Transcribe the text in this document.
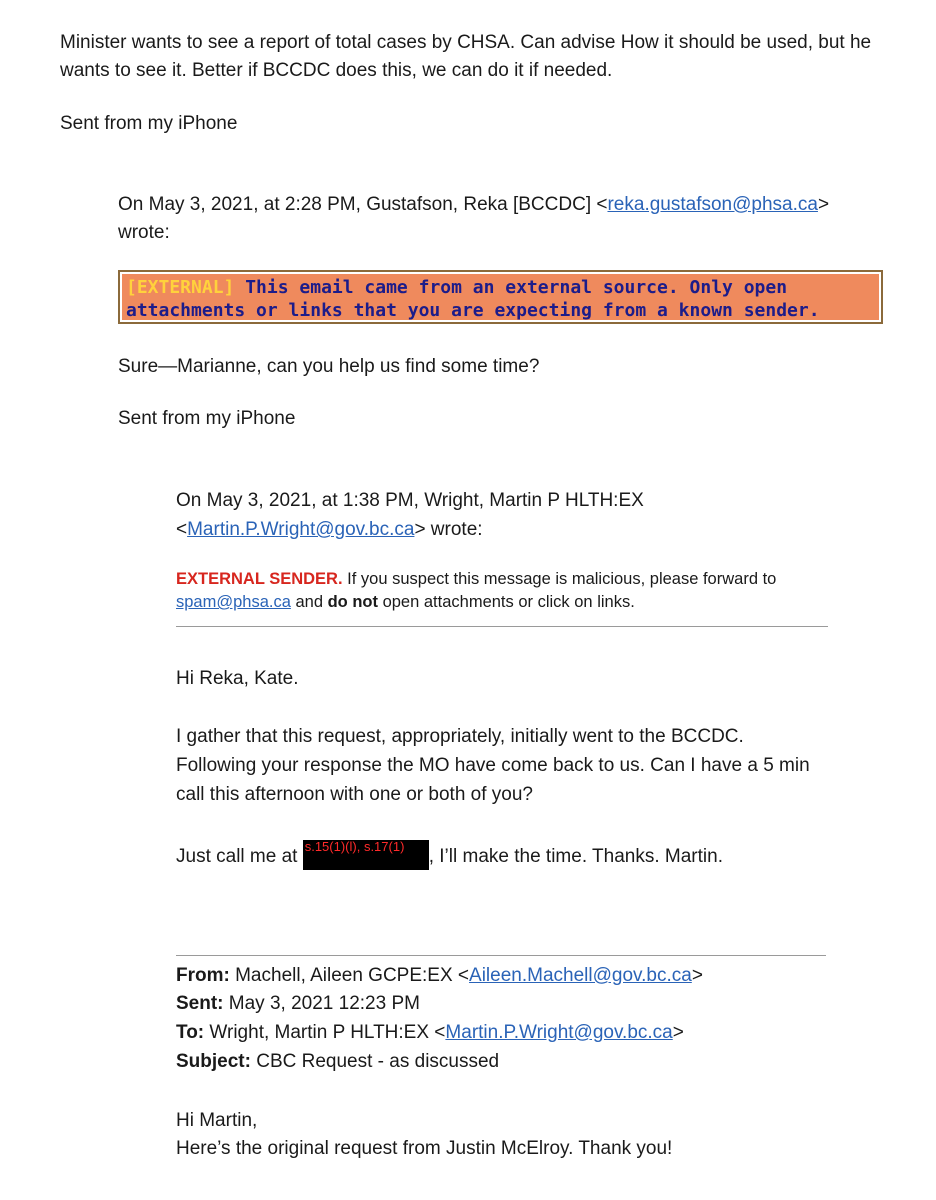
Minister wants to see a report of total cases by CHSA. Can advise How it should be used, but he
wants to see it. Better if BCCDC does this, we can do it if needed.
Sent from my iPhone
On May 3, 2021, at 2:28 PM, Gustafson, Reka [BCCDC] <reka.gustafson@phsa.ca>
wrote:
[EXTERNAL] This email came from an external source. Only open
attachments or links that you are expecting from a known sender.
Sure—Marianne, can you help us find some time?
Sent from my iPhone
On May 3, 2021, at 1:38 PM, Wright, Martin P HLTH:EX
<Martin.P.Wright@gov.bc.ca> wrote:
EXTERNAL SENDER. If you suspect this message is malicious, please forward to
spam@phsa.ca and do not open attachments or click on links.
Hi Reka, Kate.
I gather that this request, appropriately, initially went to the BCCDC.
Following your response the MO have come back to us. Can I have a 5 min
call this afternoon with one or both of you?
Just call me at s.15(1)(l), s.17(1) , I’ll make the time. Thanks. Martin.
From: Machell, Aileen GCPE:EX <Aileen.Machell@gov.bc.ca>
Sent: May 3, 2021 12:23 PM
To: Wright, Martin P HLTH:EX <Martin.P.Wright@gov.bc.ca>
Subject: CBC Request - as discussed
Hi Martin,
Here’s the original request from Justin McElroy. Thank you!
